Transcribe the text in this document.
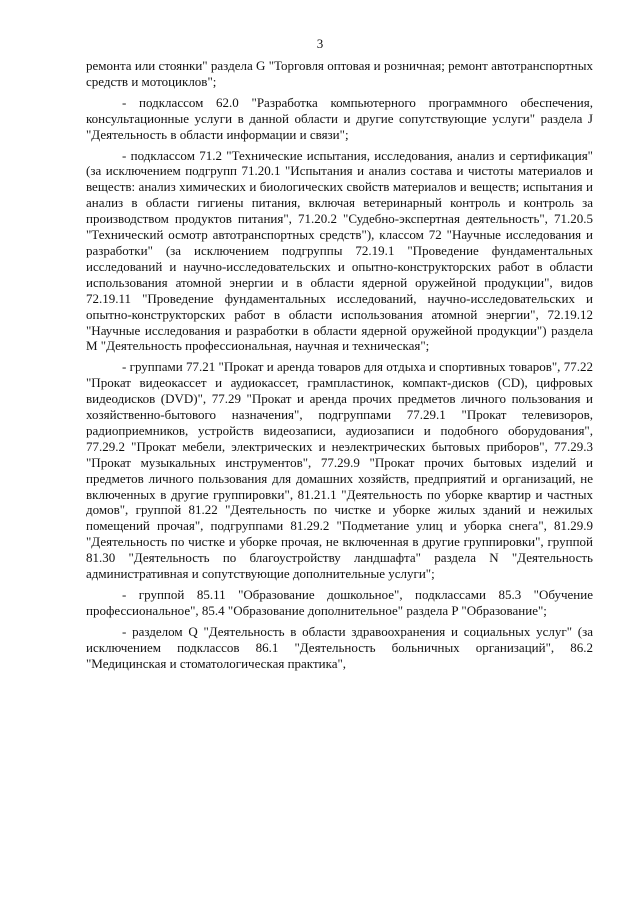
3

ремонта или стоянки" раздела G "Торговля оптовая и розничная; ремонт автотранспортных средств и мотоциклов";

- подклассом 62.0 "Разработка компьютерного программного обеспечения, консультационные услуги в данной области и другие сопутствующие услуги" раздела J "Деятельность в области информации и связи";

- подклассом 71.2 "Технические испытания, исследования, анализ и сертификация" (за исключением подгрупп 71.20.1 "Испытания и анализ состава и чистоты материалов и веществ: анализ химических и биологических свойств материалов и веществ; испытания и анализ в области гигиены питания, включая ветеринарный контроль и контроль за производством продуктов питания", 71.20.2 "Судебно-экспертная деятельность", 71.20.5 "Технический осмотр автотранспортных средств"), классом 72 "Научные исследования и разработки" (за исключением подгруппы 72.19.1 "Проведение фундаментальных исследований и научно-исследовательских и опытно-конструкторских работ в области использования атомной энергии и в области ядерной оружейной продукции", видов 72.19.11 "Проведение фундаментальных исследований, научно-исследовательских и опытно-конструкторских работ в области использования атомной энергии", 72.19.12 "Научные исследования и разработки в области ядерной оружейной продукции") раздела M "Деятельность профессиональная, научная и техническая";

- группами 77.21 "Прокат и аренда товаров для отдыха и спортивных товаров", 77.22 "Прокат видеокассет и аудиокассет, грампластинок, компакт-дисков (CD), цифровых видеодисков (DVD)", 77.29 "Прокат и аренда прочих предметов личного пользования и хозяйственно-бытового назначения", подгруппами 77.29.1 "Прокат телевизоров, радиоприемников, устройств видеозаписи, аудиозаписи и подобного оборудования", 77.29.2 "Прокат мебели, электрических и неэлектрических бытовых приборов", 77.29.3 "Прокат музыкальных инструментов", 77.29.9 "Прокат прочих бытовых изделий и предметов личного пользования для домашних хозяйств, предприятий и организаций, не включенных в другие группировки", 81.21.1 "Деятельность по уборке квартир и частных домов", группой 81.22 "Деятельность по чистке и уборке жилых зданий и нежилых помещений прочая", подгруппами 81.29.2 "Подметание улиц и уборка снега", 81.29.9 "Деятельность по чистке и уборке прочая, не включенная в другие группировки", группой 81.30 "Деятельность по благоустройству ландшафта" раздела N "Деятельность административная и сопутствующие дополнительные услуги";

- группой 85.11 "Образование дошкольное", подклассами 85.3 "Обучение профессиональное", 85.4 "Образование дополнительное" раздела P "Образование";

- разделом Q "Деятельность в области здравоохранения и социальных услуг" (за исключением подклассов 86.1 "Деятельность больничных организаций", 86.2 "Медицинская и стоматологическая практика",
